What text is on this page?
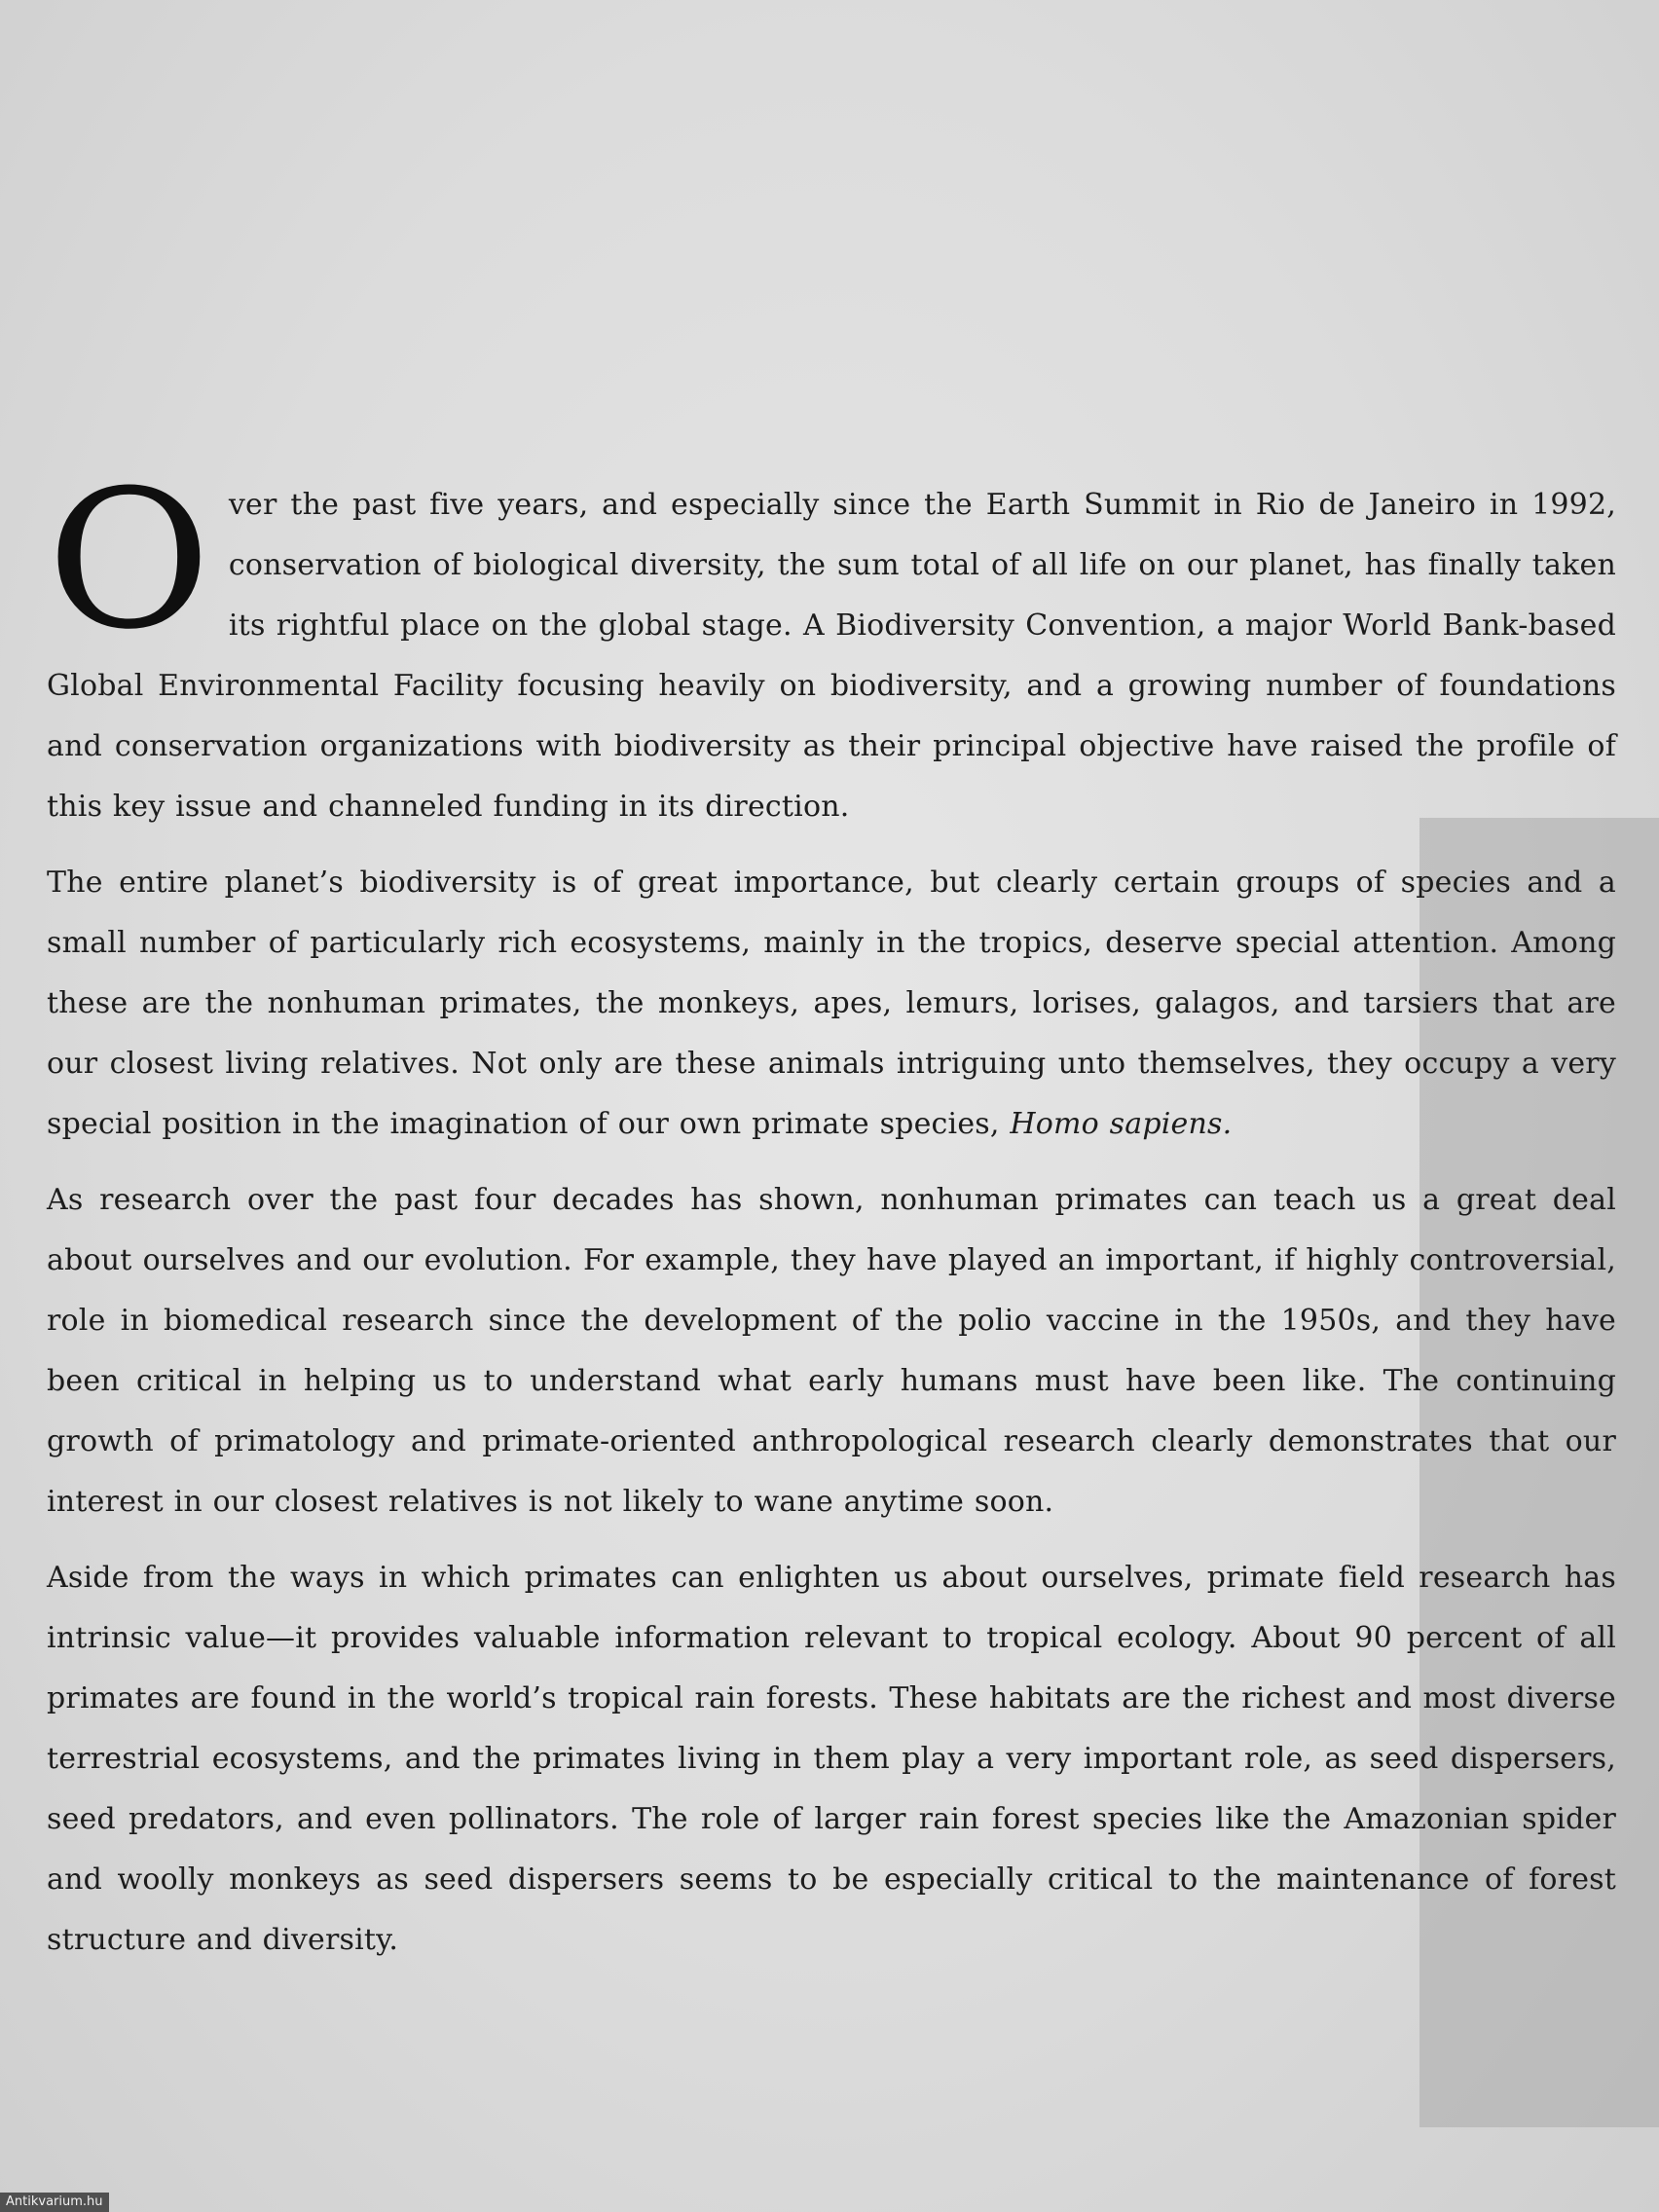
Over the past five years, and especially since the Earth Summit in Rio de Janeiro in 1992, conservation of biological diversity, the sum total of all life on our planet, has finally taken its rightful place on the global stage. A Biodiversity Convention, a major World Bank-based Global Environmental Facility focusing heavily on biodiversity, and a growing number of foundations and conservation organizations with biodiversity as their principal objective have raised the profile of this key issue and channeled funding in its direction.

The entire planet’s biodiversity is of great importance, but clearly certain groups of species and a small number of particularly rich ecosystems, mainly in the tropics, deserve special attention. Among these are the nonhuman primates, the monkeys, apes, lemurs, lorises, galagos, and tarsiers that are our closest living relatives. Not only are these animals intriguing unto themselves, they occupy a very special position in the imagination of our own primate species, Homo sapiens.

As research over the past four decades has shown, nonhuman primates can teach us a great deal about ourselves and our evolution. For example, they have played an important, if highly controversial, role in biomedical research since the development of the polio vaccine in the 1950s, and they have been critical in helping us to understand what early humans must have been like. The continuing growth of primatology and primate-oriented anthropological research clearly demonstrates that our interest in our closest relatives is not likely to wane anytime soon.

Aside from the ways in which primates can enlighten us about ourselves, primate field research has intrinsic value—it provides valuable information relevant to tropical ecology. About 90 percent of all primates are found in the world’s tropical rain forests. These habitats are the richest and most diverse terrestrial ecosystems, and the primates living in them play a very important role, as seed dispersers, seed predators, and even pollinators. The role of larger rain forest species like the Amazonian spider and woolly monkeys as seed dispersers seems to be especially critical to the maintenance of forest structure and diversity.

Antikvarium.hu
